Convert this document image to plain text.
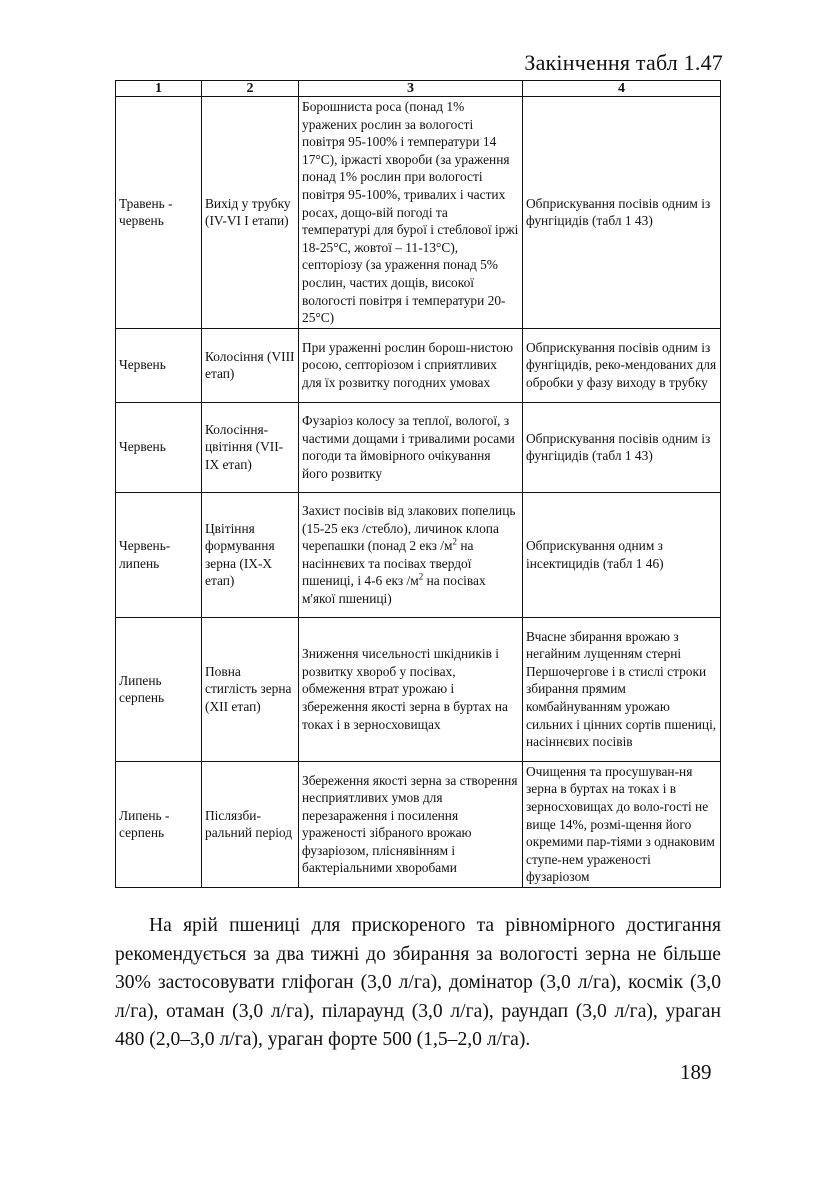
Закінчення табл 1.47
1	2	3	4
Травень - червень	Вихід у трубку (IV-VI I етапи)	Борошниста роса (понад 1% уражених рослин за вологості повітря 95-100% і температури 14 17°С), іржасті хвороби (за ураження понад 1% рослин при вологості повітря 95-100%, тривалих і частих росах, дощо-вій погоді та температурі для бурої і стеблової іржі 18-25°С, жовтої – 11-13°С), септоріозу (за ураження понад 5% рослин, частих дощів, високої вологості повітря і температури 20-25°С)	Обприскування посівів одним із фунгіцидів (табл 1 43)
Червень	Колосіння (VIII етап)	При ураженні рослин борош-нистою росою, септоріозом і сприятливих для їх розвитку погодних умовах	Обприскування посівів одним із фунгіцидів, реко-мендованих для обробки у фазу виходу в трубку
Червень	Колосіння-цвітіння (VII-IX етап)	Фузаріоз колосу за теплої, вологої, з частими дощами і тривалими росами погоди та ймовірного очікування його розвитку	Обприскування посівів одним із фунгіцидів (табл 1 43)
Червень-липень	Цвітіння формування зерна (IX-X етап)	Захист посівів від злакових попелиць (15-25 екз /стебло), личинок клопа черепашки (понад 2 екз $/м^2$ на насіннєвих та посівах твердої пшениці, і 4-6 екз $/м^2$ на посівах м'якої пшениці)	Обприскування одним з інсектицидів (табл 1 46)
Липень серпень	Повна стиглість зерна (XII етап)	Зниження чисельності шкідників і розвитку хвороб у посівах, обмеження втрат урожаю і збереження якості зерна в буртах на токах і в зерносховищах	Вчасне збирання врожаю з негайним лущенням стерні Першочергове і в стислі строки збирання прямим комбайнуванням урожаю сильних і цінних сортів пшениці, насіннєвих посівів
Липень - серпень	Післязби-ральний період	Збереження якості зерна за створення несприятливих умов для перезараження і посилення ураженості зібраного врожаю фузаріозом, пліснявінням і бактеріальними хворобами	Очищення та просушуван-ня зерна в буртах на токах і в зерносховищах до воло-гості не вище 14%, розмі-щення його окремими пар-тіями з однаковим ступе-нем ураженості фузаріозом

На ярій пшениці для прискореного та рівномірного достигання рекомендується за два тижні до збирання за вологості зерна не більше 30% застосовувати гліфоган (3,0 л/га), домінатор (3,0 л/га), космік (3,0 л/га), отаман (3,0 л/га), пілараунд (3,0 л/га), раундап (3,0 л/га), ураган 480 (2,0–3,0 л/га), ураган форте 500 (1,5–2,0 л/га).

189
